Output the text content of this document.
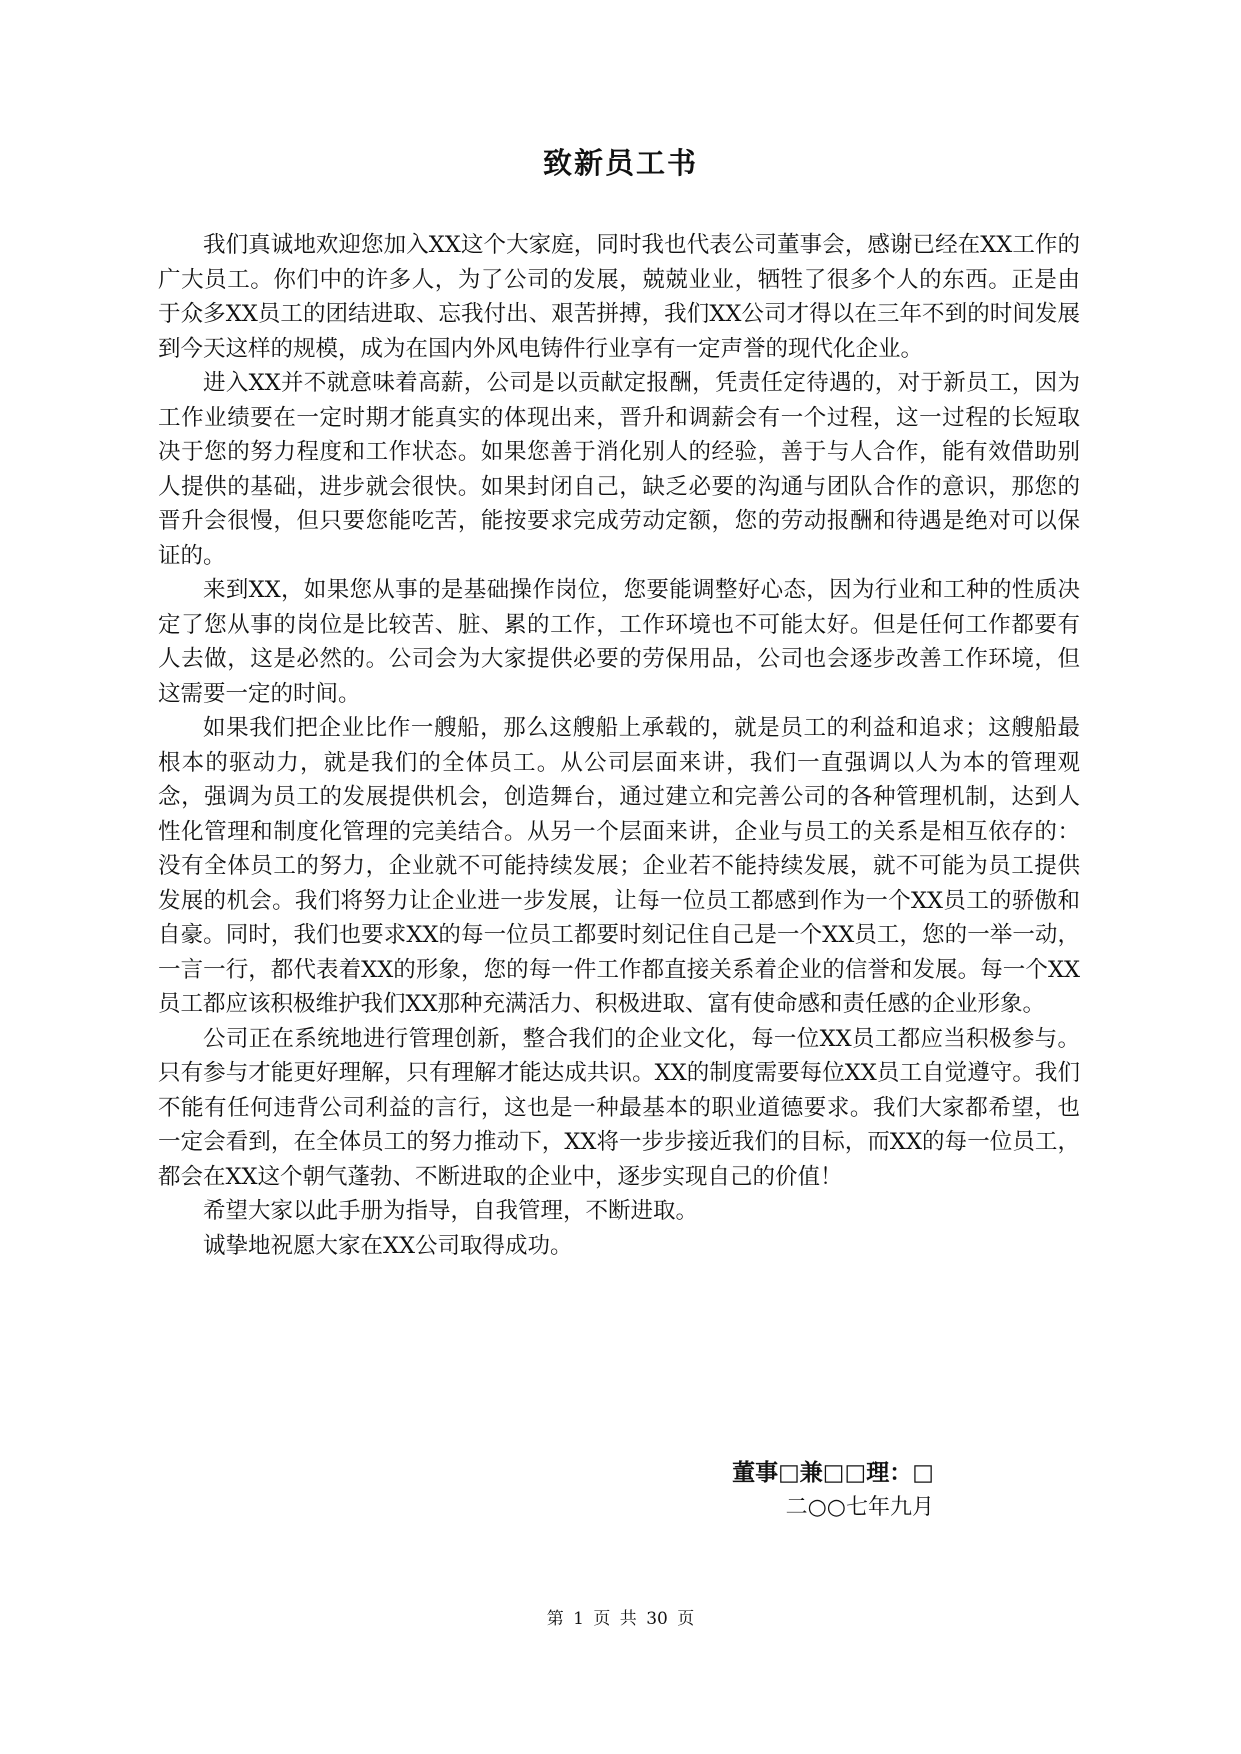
致新员工书

我们真诚地欢迎您加入XX这个大家庭，同时我也代表公司董事会，感谢已经在XX工作的广大员工。你们中的许多人，为了公司的发展，兢兢业业，牺牲了很多个人的东西。正是由于众多XX员工的团结进取、忘我付出、艰苦拼搏，我们XX公司才得以在三年不到的时间发展到今天这样的规模，成为在国内外风电铸件行业享有一定声誉的现代化企业。

进入XX并不就意味着高薪，公司是以贡献定报酬，凭责任定待遇的，对于新员工，因为工作业绩要在一定时期才能真实的体现出来，晋升和调薪会有一个过程，这一过程的长短取决于您的努力程度和工作状态。如果您善于消化别人的经验，善于与人合作，能有效借助别人提供的基础，进步就会很快。如果封闭自己，缺乏必要的沟通与团队合作的意识，那您的晋升会很慢，但只要您能吃苦，能按要求完成劳动定额，您的劳动报酬和待遇是绝对可以保证的。

来到XX，如果您从事的是基础操作岗位，您要能调整好心态，因为行业和工种的性质决定了您从事的岗位是比较苦、脏、累的工作，工作环境也不可能太好。但是任何工作都要有人去做，这是必然的。公司会为大家提供必要的劳保用品，公司也会逐步改善工作环境，但这需要一定的时间。

如果我们把企业比作一艘船，那么这艘船上承载的，就是员工的利益和追求；这艘船最根本的驱动力，就是我们的全体员工。从公司层面来讲，我们一直强调以人为本的管理观念，强调为员工的发展提供机会，创造舞台，通过建立和完善公司的各种管理机制，达到人性化管理和制度化管理的完美结合。从另一个层面来讲，企业与员工的关系是相互依存的：没有全体员工的努力，企业就不可能持续发展；企业若不能持续发展，就不可能为员工提供发展的机会。我们将努力让企业进一步发展，让每一位员工都感到作为一个XX员工的骄傲和自豪。同时，我们也要求XX的每一位员工都要时刻记住自己是一个XX员工，您的一举一动，一言一行，都代表着XX的形象，您的每一件工作都直接关系着企业的信誉和发展。每一个XX员工都应该积极维护我们XX那种充满活力、积极进取、富有使命感和责任感的企业形象。

公司正在系统地进行管理创新，整合我们的企业文化，每一位XX员工都应当积极参与。只有参与才能更好理解，只有理解才能达成共识。XX的制度需要每位XX员工自觉遵守。我们不能有任何违背公司利益的言行，这也是一种最基本的职业道德要求。我们大家都希望，也一定会看到，在全体员工的努力推动下，XX将一步步接近我们的目标，而XX的每一位员工，都会在XX这个朝气蓬勃、不断进取的企业中，逐步实现自己的价值！

希望大家以此手册为指导，自我管理，不断进取。

诚挚地祝愿大家在XX公司取得成功。

董事□兼□□理：□
二○○七年九月
第 1 页 共 30 页
